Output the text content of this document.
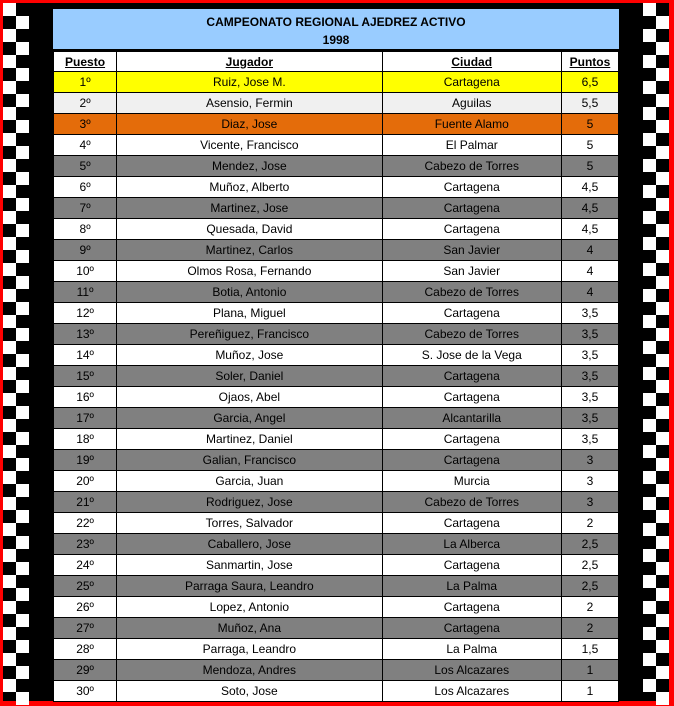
CAMPEONATO REGIONAL AJEDREZ ACTIVO
1998
Puesto	Jugador	Ciudad	Puntos
1º	Ruiz, Jose M.	Cartagena	6,5
2º	Asensio, Fermin	Aguilas	5,5
3º	Diaz, Jose	Fuente Alamo	5
4º	Vicente, Francisco	El Palmar	5
5º	Mendez, Jose	Cabezo de Torres	5
6º	Muñoz, Alberto	Cartagena	4,5
7º	Martinez, Jose	Cartagena	4,5
8º	Quesada, David	Cartagena	4,5
9º	Martinez, Carlos	San Javier	4
10º	Olmos Rosa, Fernando	San Javier	4
11º	Botia, Antonio	Cabezo de Torres	4
12º	Plana, Miguel	Cartagena	3,5
13º	Pereñiguez, Francisco	Cabezo de Torres	3,5
14º	Muñoz, Jose	S. Jose de la Vega	3,5
15º	Soler, Daniel	Cartagena	3,5
16º	Ojaos, Abel	Cartagena	3,5
17º	Garcia, Angel	Alcantarilla	3,5
18º	Martinez, Daniel	Cartagena	3,5
19º	Galian, Francisco	Cartagena	3
20º	Garcia, Juan	Murcia	3
21º	Rodriguez, Jose	Cabezo de Torres	3
22º	Torres, Salvador	Cartagena	2
23º	Caballero, Jose	La Alberca	2,5
24º	Sanmartin, Jose	Cartagena	2,5
25º	Parraga Saura, Leandro	La Palma	2,5
26º	Lopez, Antonio	Cartagena	2
27º	Muñoz, Ana	Cartagena	2
28º	Parraga, Leandro	La Palma	1,5
29º	Mendoza, Andres	Los Alcazares	1
30º	Soto, Jose	Los Alcazares	1
